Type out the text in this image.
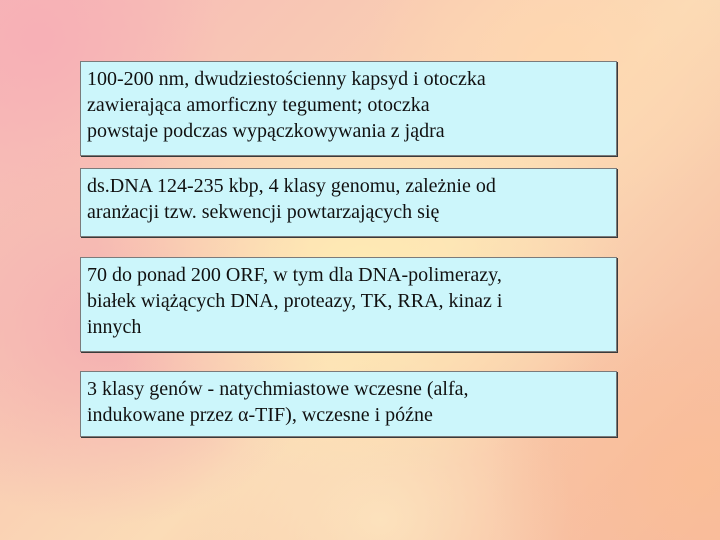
100-200 nm, dwudziestościenny kapsyd i otoczka
zawierająca amorficzny tegument; otoczka
powstaje podczas wypączkowywania z jądra
ds.DNA 124-235 kbp, 4 klasy genomu, zależnie od
aranżacji tzw. sekwencji powtarzających się
70 do ponad 200 ORF, w tym dla DNA-polimerazy,
białek wiążących DNA, proteazy, TK, RRA, kinaz i
innych
3 klasy genów - natychmiastowe wczesne (alfa,
indukowane przez α-TIF), wczesne i późne
